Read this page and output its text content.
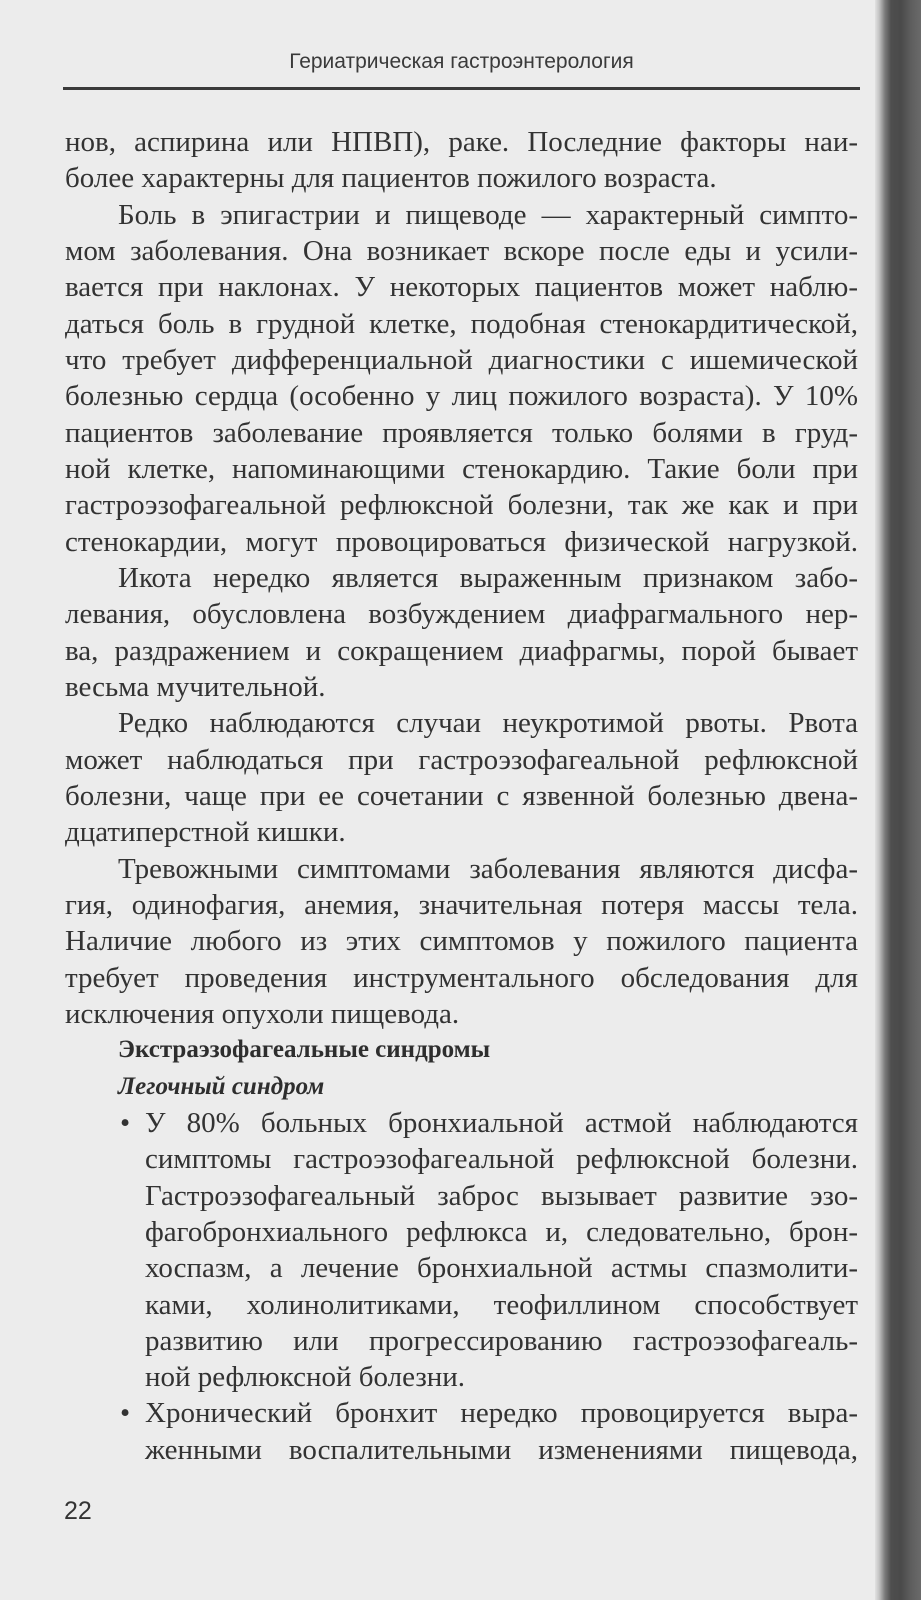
Гериатрическая гастроэнтерология
нов, аспирина или НПВП), раке. Последние факторы наи-
более характерны для пациентов пожилого возраста.
Боль в эпигастрии и пищеводе — характерный симпто-
мом заболевания. Она возникает вскоре после еды и усили-
вается при наклонах. У некоторых пациентов может наблю-
даться боль в грудной клетке, подобная стенокардитической,
что требует дифференциальной диагностики с ишемической
болезнью сердца (особенно у лиц пожилого возраста). У 10%
пациентов заболевание проявляется только болями в груд-
ной клетке, напоминающими стенокардию. Такие боли при
гастроэзофагеальной рефлюксной болезни, так же как и при
стенокардии, могут провоцироваться физической нагрузкой.
Икота нередко является выраженным признаком забо-
левания, обусловлена возбуждением диафрагмального нер-
ва, раздражением и сокращением диафрагмы, порой бывает
весьма мучительной.
Редко наблюдаются случаи неукротимой рвоты. Рвота
может наблюдаться при гастроэзофагеальной рефлюксной
болезни, чаще при ее сочетании с язвенной болезнью двена-
дцатиперстной кишки.
Тревожными симптомами заболевания являются дисфа-
гия, одинофагия, анемия, значительная потеря массы тела.
Наличие любого из этих симптомов у пожилого пациента
требует проведения инструментального обследования для
исключения опухоли пищевода.
Экстраэзофагеальные синдромы
Легочный синдром
• У 80% больных бронхиальной астмой наблюдаются
симптомы гастроэзофагеальной рефлюксной болезни.
Гастроэзофагеальный заброс вызывает развитие эзо-
фагобронхиального рефлюкса и, следовательно, брон-
хоспазм, а лечение бронхиальной астмы спазмолити-
ками, холинолитиками, теофиллином способствует
развитию или прогрессированию гастроэзофагеаль-
ной рефлюксной болезни.
• Хронический бронхит нередко провоцируется выра-
женными воспалительными изменениями пищевода,
22
